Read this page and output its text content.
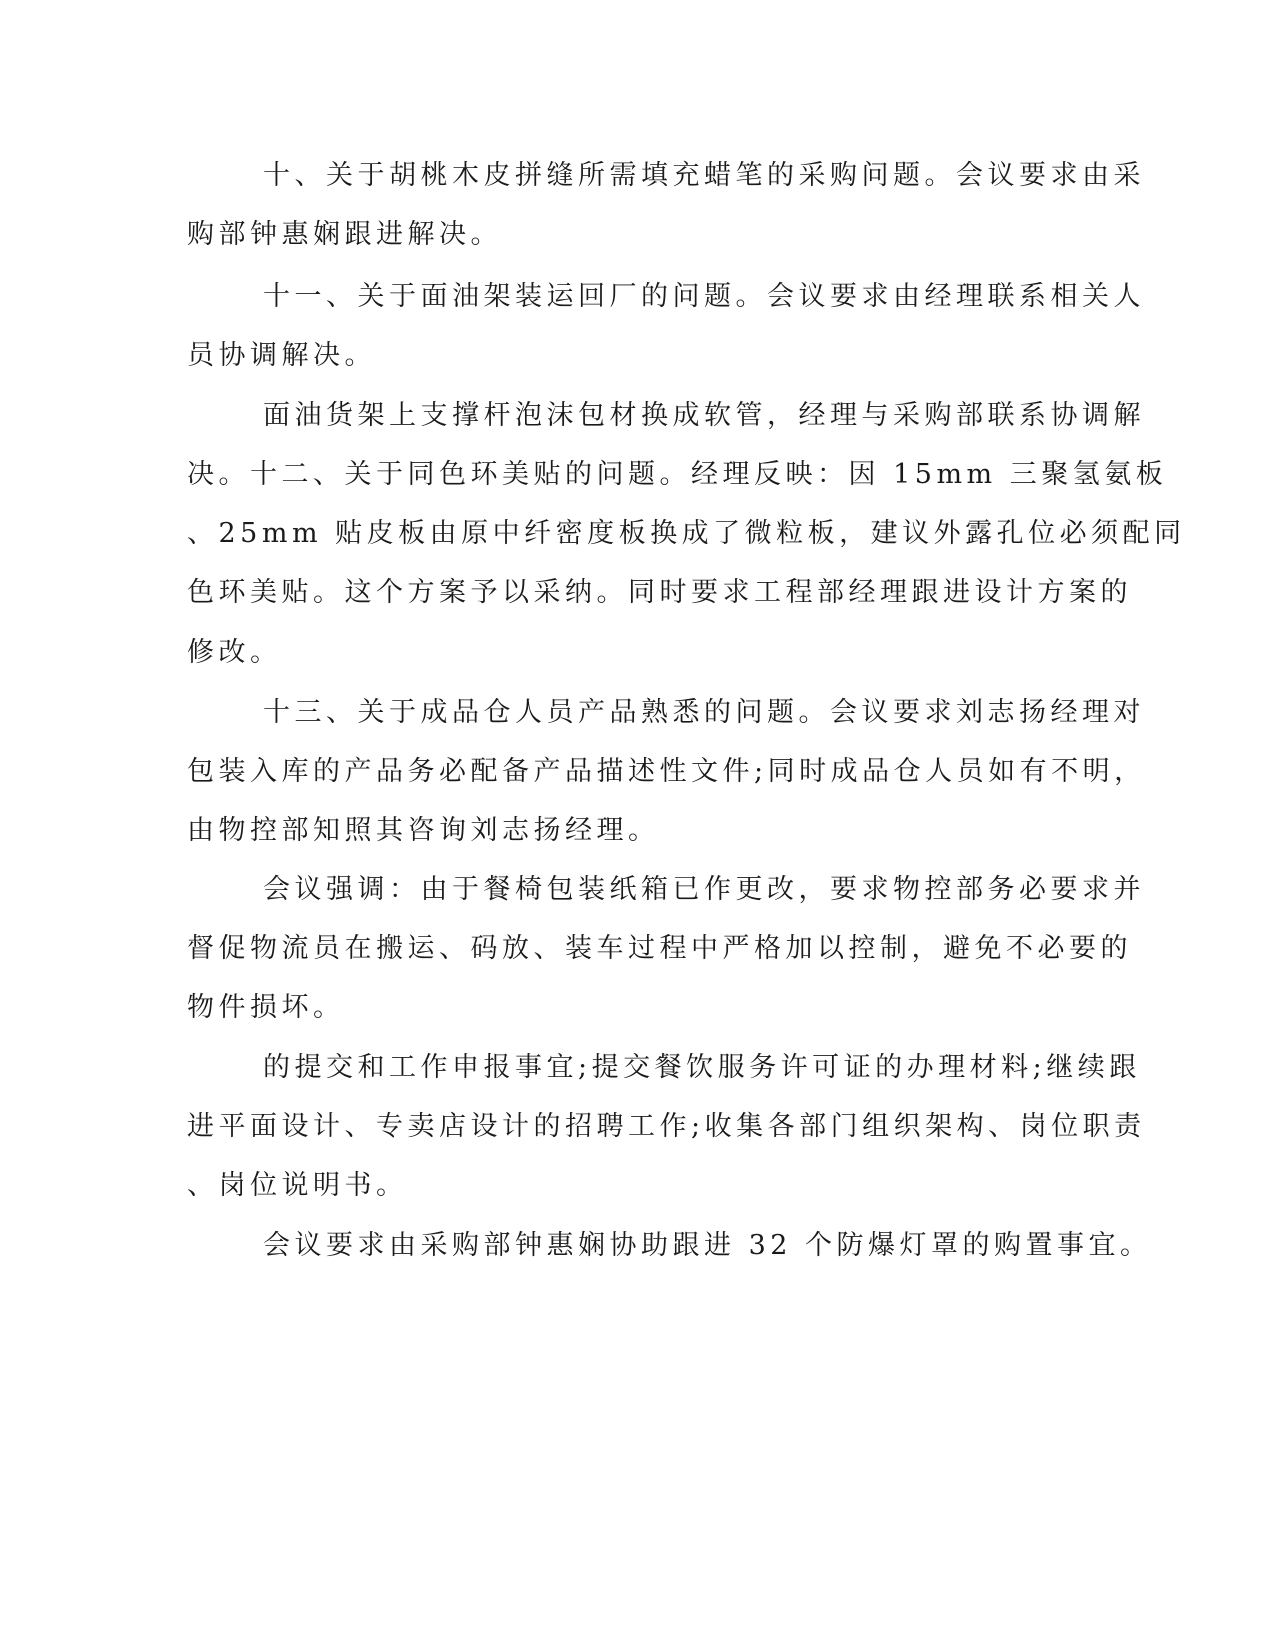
十、关于胡桃木皮拼缝所需填充蜡笔的采购问题。会议要求由采
购部钟惠娴跟进解决。
十一、关于面油架装运回厂的问题。会议要求由经理联系相关人
员协调解决。
面油货架上支撑杆泡沫包材换成软管，经理与采购部联系协调解
决。十二、关于同色环美贴的问题。经理反映：因 15mm 三聚氢氨板
、25mm 贴皮板由原中纤密度板换成了微粒板，建议外露孔位必须配同
色环美贴。这个方案予以采纳。同时要求工程部经理跟进设计方案的
修改。
十三、关于成品仓人员产品熟悉的问题。会议要求刘志扬经理对
包装入库的产品务必配备产品描述性文件;同时成品仓人员如有不明，
由物控部知照其咨询刘志扬经理。
会议强调：由于餐椅包装纸箱已作更改，要求物控部务必要求并
督促物流员在搬运、码放、装车过程中严格加以控制，避免不必要的
物件损坏。
的提交和工作申报事宜;提交餐饮服务许可证的办理材料;继续跟
进平面设计、专卖店设计的招聘工作;收集各部门组织架构、岗位职责
、岗位说明书。
会议要求由采购部钟惠娴协助跟进 32 个防爆灯罩的购置事宜。
